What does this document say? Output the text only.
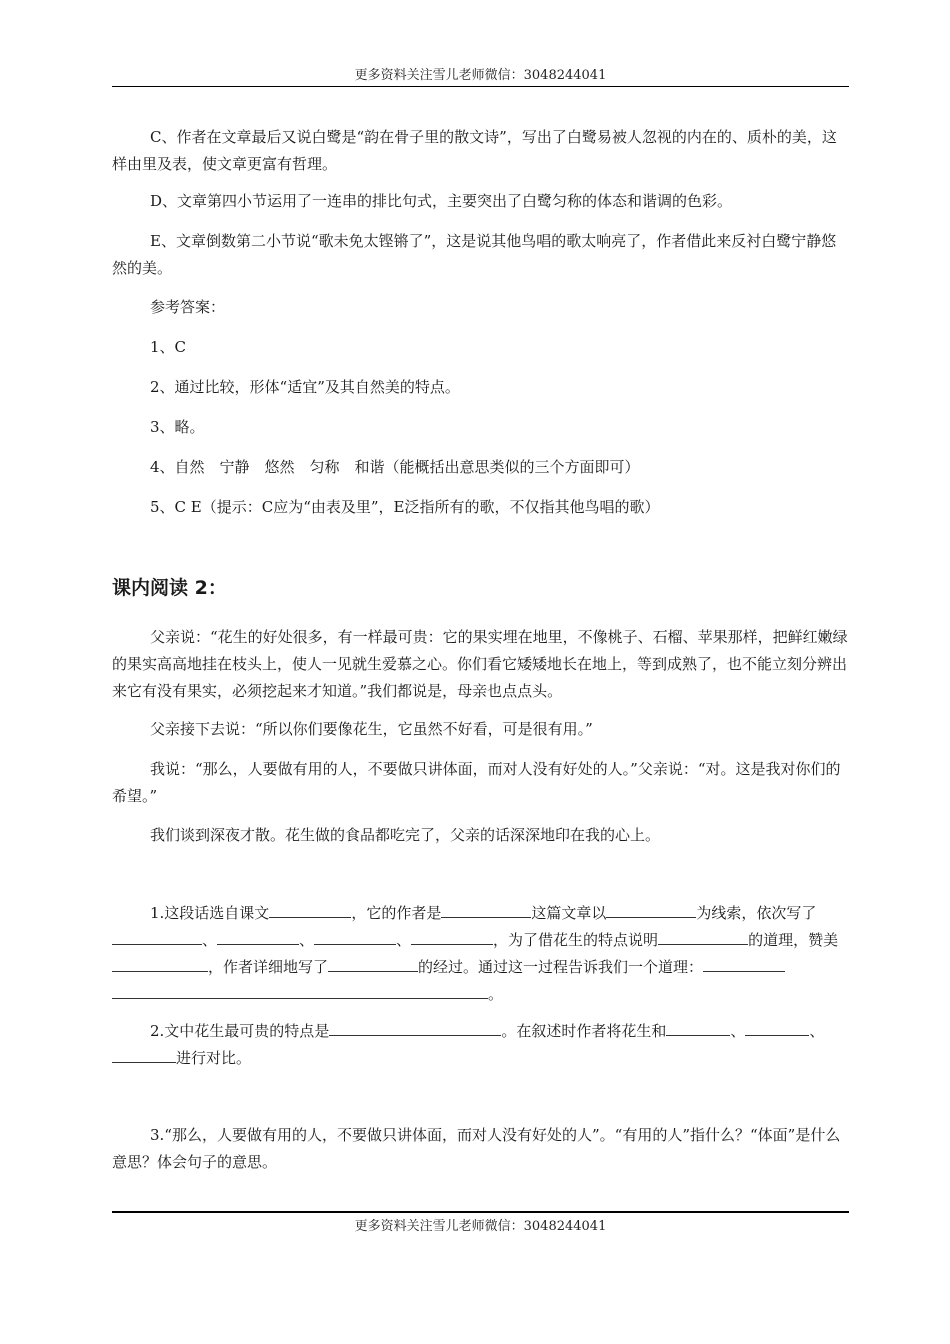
更多资料关注雪儿老师微信：3048244041

C、作者在文章最后又说白鹭是“韵在骨子里的散文诗”，写出了白鹭易被人忽视的内在的、质朴的美，这样由里及表，使文章更富有哲理。

D、文章第四小节运用了一连串的排比句式，主要突出了白鹭匀称的体态和谐调的色彩。

E、文章倒数第二小节说“歌未免太铿锵了”，这是说其他鸟唱的歌太响亮了，作者借此来反衬白鹭宁静悠然的美。

参考答案：

1、C

2、通过比较，形体“适宜”及其自然美的特点。

3、略。

4、自然　宁静　悠然　匀称　和谐（能概括出意思类似的三个方面即可）

5、C E（提示：C应为“由表及里”，E泛指所有的歌，不仅指其他鸟唱的歌）

课内阅读 2：

父亲说：“花生的好处很多，有一样最可贵：它的果实埋在地里，不像桃子、石榴、苹果那样，把鲜红嫩绿的果实高高地挂在枝头上，使人一见就生爱慕之心。你们看它矮矮地长在地上，等到成熟了，也不能立刻分辨出来它有没有果实，必须挖起来才知道。”我们都说是，母亲也点点头。

父亲接下去说：“所以你们要像花生，它虽然不好看，可是很有用。”

我说：“那么，人要做有用的人，不要做只讲体面，而对人没有好处的人。”父亲说：“对。这是我对你们的希望。”

我们谈到深夜才散。花生做的食品都吃完了，父亲的话深深地印在我的心上。

1.这段话选自课文	，它的作者是	这篇文章以	为线索，依次写了、	、	、	，为了借花生的特点说明	的道理，赞美，作者详细地写了	的经过。通过这一过程告诉我们一个道理：。

2.文中花生最可贵的特点是	。在叙述时作者将花生和	、	、进行对比。

3.“那么，人要做有用的人，不要做只讲体面，而对人没有好处的人”。“有用的人”指什么？“体面”是什么意思？体会句子的意思。

更多资料关注雪儿老师微信：3048244041
